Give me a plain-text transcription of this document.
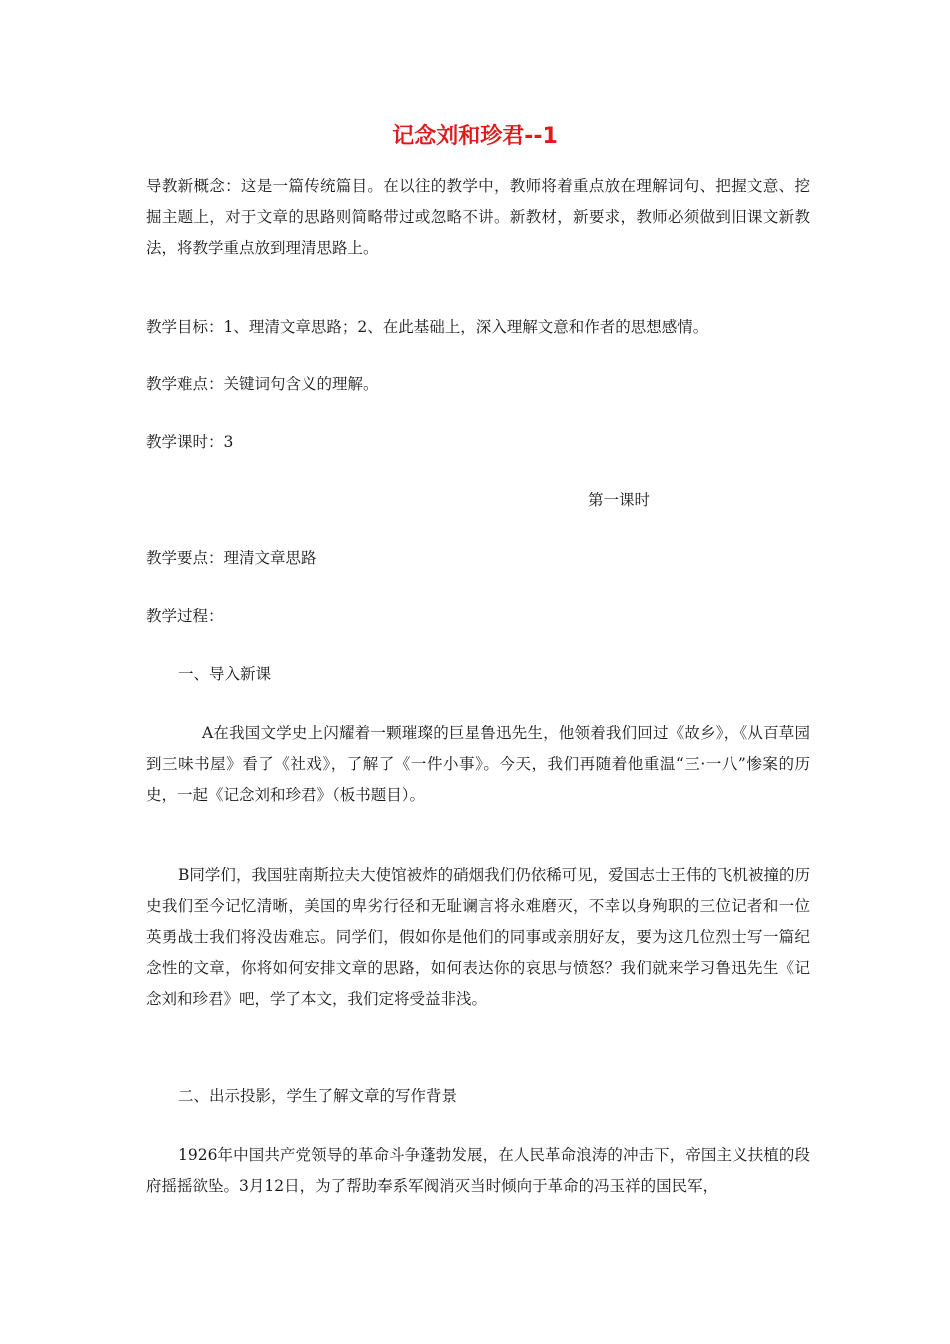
记念刘和珍君--1

导教新概念：这是一篇传统篇目。在以往的教学中，教师将着重点放在理解词句、把握文意、挖掘主题上，对于文章的思路则简略带过或忽略不讲。新教材，新要求，教师必须做到旧课文新教法，将教学重点放到理清思路上。

教学目标：1、理清文章思路；2、在此基础上，深入理解文意和作者的思想感情。

教学难点：关键词句含义的理解。

教学课时：3

第一课时

教学要点：理清文章思路

教学过程：

一、导入新课

A在我国文学史上闪耀着一颗璀璨的巨星鲁迅先生，他领着我们回过《故乡》，《从百草园到三味书屋》看了《社戏》，了解了《一件小事》。今天，我们再随着他重温“三·一八”惨案的历史，一起《记念刘和珍君》（板书题目）。

B同学们，我国驻南斯拉夫大使馆被炸的硝烟我们仍依稀可见，爱国志士王伟的飞机被撞的历史我们至今记忆清晰，美国的卑劣行径和无耻谰言将永难磨灭，不幸以身殉职的三位记者和一位英勇战士我们将没齿难忘。同学们，假如你是他们的同事或亲朋好友，要为这几位烈士写一篇纪念性的文章，你将如何安排文章的思路，如何表达你的哀思与愤怒？我们就来学习鲁迅先生《记念刘和珍君》吧，学了本文，我们定将受益非浅。

二、出示投影，学生了解文章的写作背景

1926年中国共产党领导的革命斗争蓬勃发展，在人民革命浪涛的冲击下，帝国主义扶植的段府摇摇欲坠。3月12日，为了帮助奉系军阀消灭当时倾向于革命的冯玉祥的国民军，
